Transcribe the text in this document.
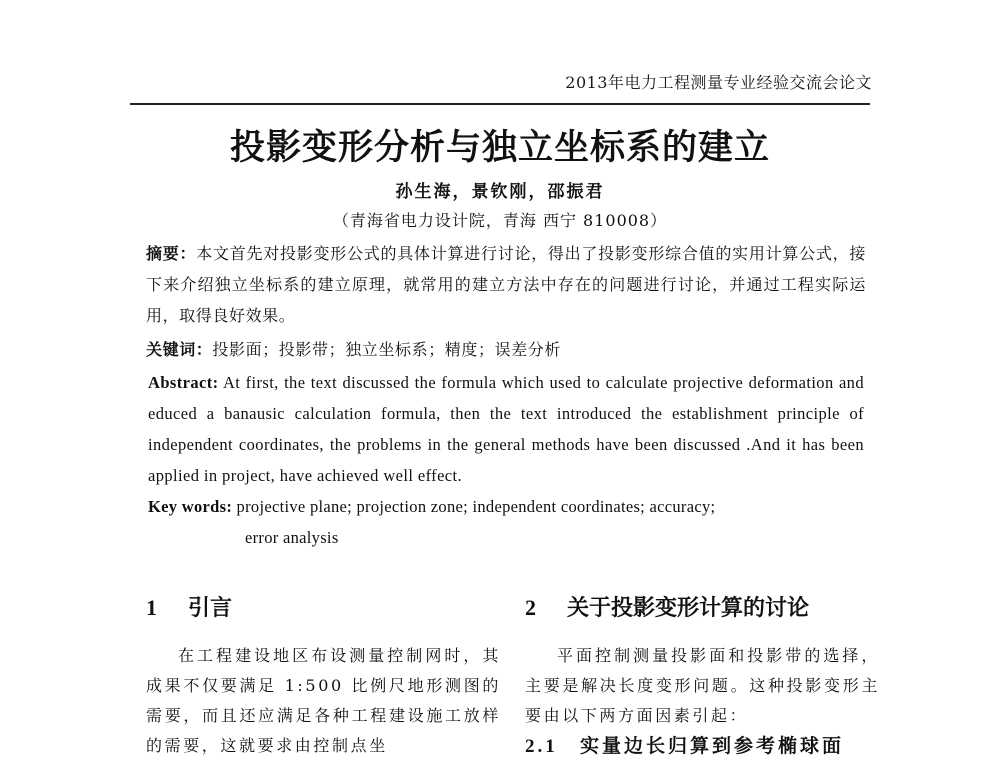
2013年电力工程测量专业经验交流会论文
投影变形分析与独立坐标系的建立
孙生海，景钦刚，邵振君
（青海省电力设计院，青海 西宁 810008）
摘要：本文首先对投影变形公式的具体计算进行讨论，得出了投影变形综合值的实用计算公式，接下来介绍独立坐标系的建立原理，就常用的建立方法中存在的问题进行讨论，并通过工程实际运用，取得良好效果。
关键词：投影面；投影带；独立坐标系；精度；误差分析
Abstract: At first, the text discussed the formula which used to calculate projective deformation and educed a banausic calculation formula, then the text introduced the establishment principle of independent coordinates, the problems in the general methods have been discussed .And it has been applied in project, have achieved well effect.
Key words: projective plane; projection zone; independent coordinates; accuracy;
error analysis
1 引言
在工程建设地区布设测量控制网时，其成果不仅要满足 1:500 比例尺地形测图的需要，而且还应满足各种工程建设施工放样的需要，这就要求由控制点坐
2 关于投影变形计算的讨论
平面控制测量投影面和投影带的选择，主要是解决长度变形问题。这种投影变形主要由以下两方面因素引起：
2.1 实量边长归算到参考椭球面
